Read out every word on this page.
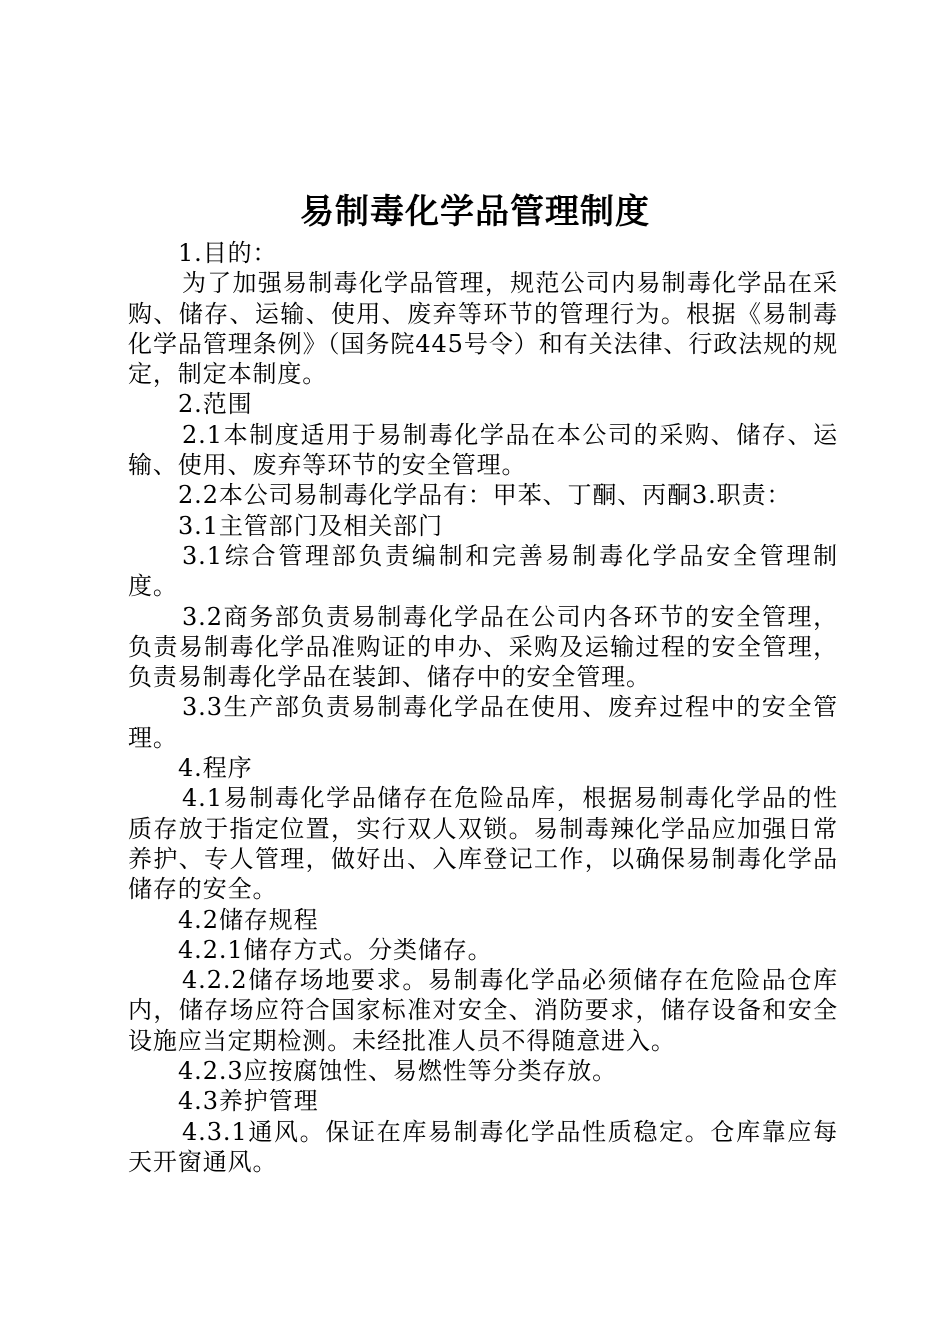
易制毒化学品管理制度

1.目的：

为了加强易制毒化学品管理，规范公司内易制毒化学品在采购、储存、运输、使用、废弃等环节的管理行为。根据《易制毒化学品管理条例》（国务院445号令）和有关法律、行政法规的规定，制定本制度。

2.范围

2.1本制度适用于易制毒化学品在本公司的采购、储存、运输、使用、废弃等环节的安全管理。

2.2本公司易制毒化学品有：甲苯、丁酮、丙酮3.职责：

3.1主管部门及相关部门

3.1综合管理部负责编制和完善易制毒化学品安全管理制度。

3.2商务部负责易制毒化学品在公司内各环节的安全管理，负责易制毒化学品准购证的申办、采购及运输过程的安全管理，负责易制毒化学品在装卸、储存中的安全管理。

3.3生产部负责易制毒化学品在使用、废弃过程中的安全管理。

4.程序

4.1易制毒化学品储存在危险品库，根据易制毒化学品的性质存放于指定位置，实行双人双锁。易制毒辣化学品应加强日常养护、专人管理，做好出、入库登记工作，以确保易制毒化学品储存的安全。

4.2储存规程

4.2.1储存方式。分类储存。

4.2.2储存场地要求。易制毒化学品必须储存在危险品仓库内，储存场应符合国家标准对安全、消防要求，储存设备和安全设施应当定期检测。未经批准人员不得随意进入。

4.2.3应按腐蚀性、易燃性等分类存放。

4.3养护管理

4.3.1通风。保证在库易制毒化学品性质稳定。仓库靠应每天开窗通风。
